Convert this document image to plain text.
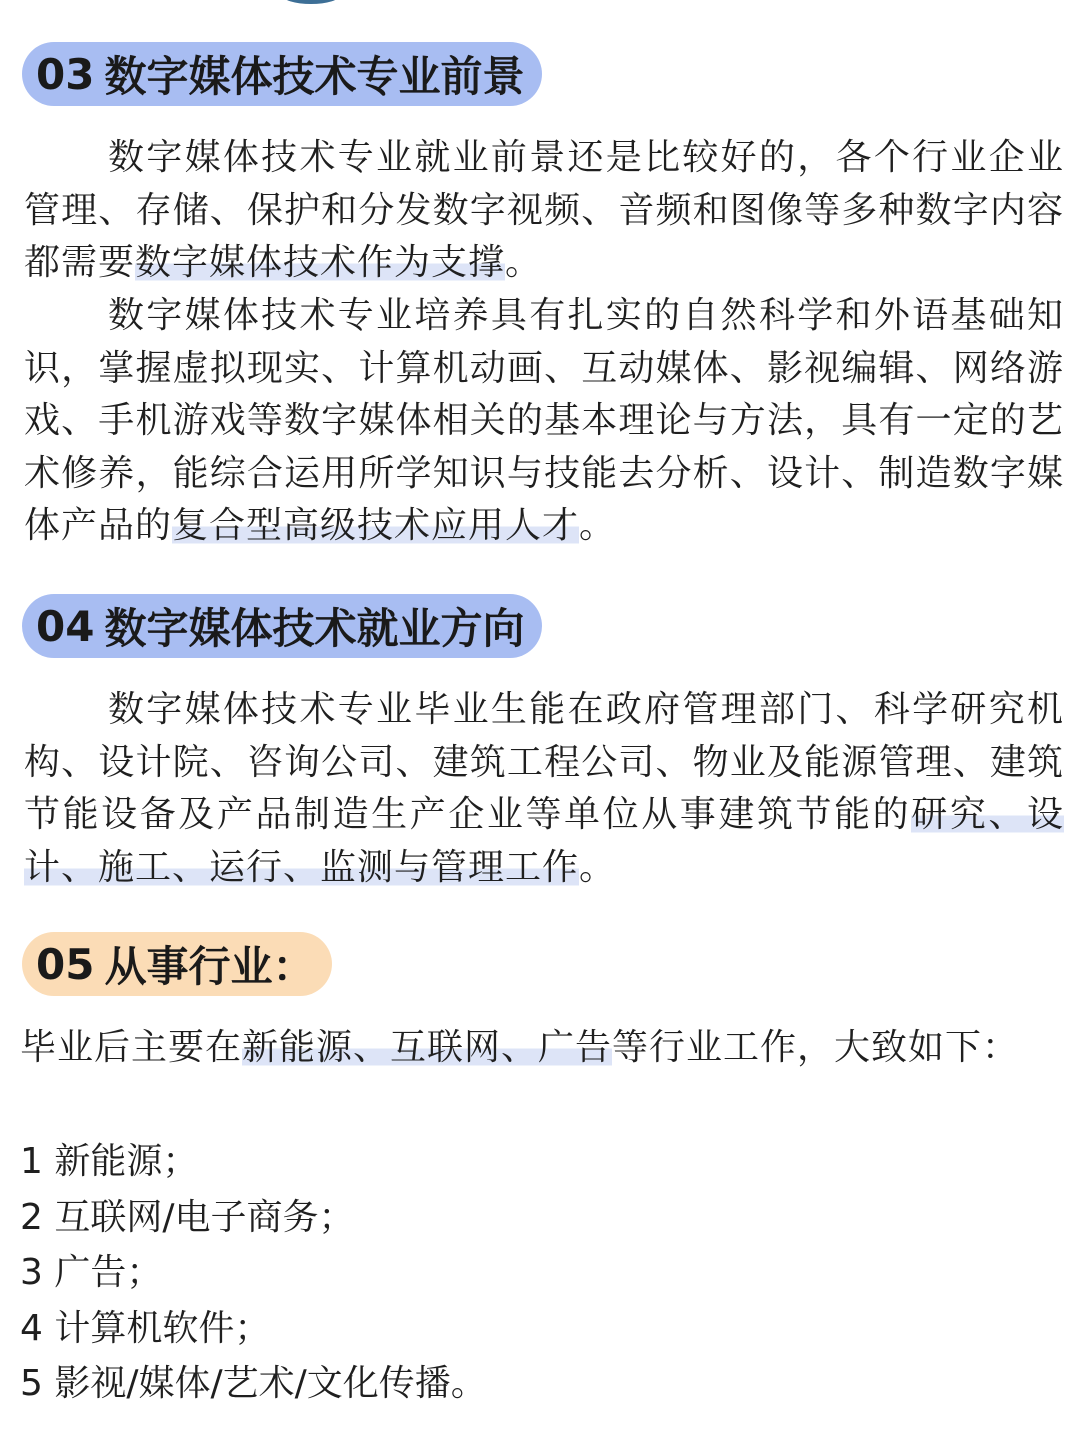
03 数字媒体技术专业前景

数字媒体技术专业就业前景还是比较好的，各个行业企业管理、存储、保护和分发数字视频、音频和图像等多种数字内容都需要数字媒体技术作为支撑。

数字媒体技术专业培养具有扎实的自然科学和外语基础知识，掌握虚拟现实、计算机动画、互动媒体、影视编辑、网络游戏、手机游戏等数字媒体相关的基本理论与方法，具有一定的艺术修养，能综合运用所学知识与技能去分析、设计、制造数字媒体产品的复合型高级技术应用人才。

04 数字媒体技术就业方向

数字媒体技术专业毕业生能在政府管理部门、科学研究机构、设计院、咨询公司、建筑工程公司、物业及能源管理、建筑节能设备及产品制造生产企业等单位从事建筑节能的研究、设计、施工、运行、监测与管理工作。

05 从事行业：

毕业后主要在新能源、互联网、广告等行业工作，大致如下：

1 新能源；
2 互联网/电子商务；
3 广告；
4 计算机软件；
5 影视/媒体/艺术/文化传播。
